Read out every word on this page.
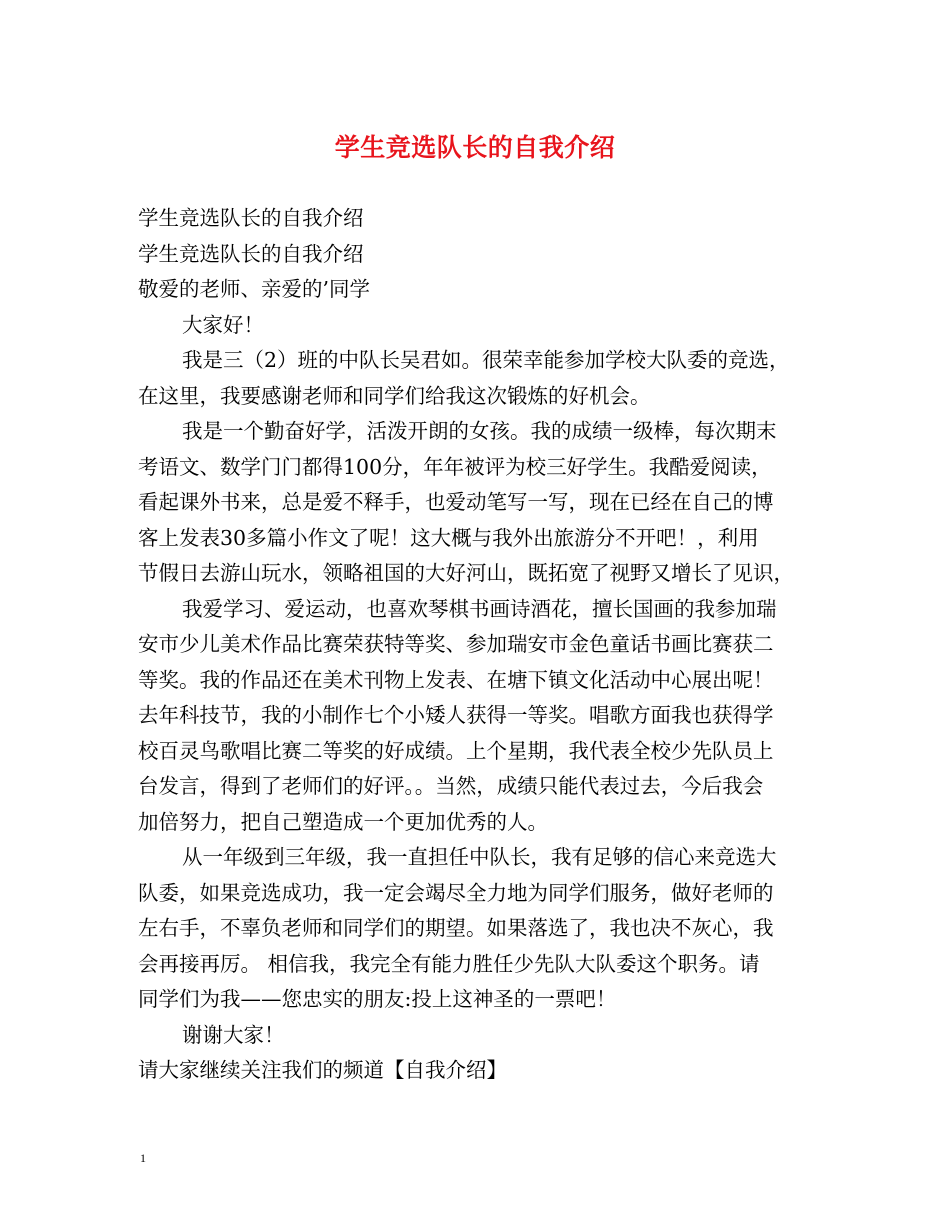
学生竞选队长的自我介绍
学生竞选队长的自我介绍
学生竞选队长的自我介绍
敬爱的老师、亲爱的’同学
大家好！
我是三（2）班的中队长吴君如。很荣幸能参加学校大队委的竞选，
在这里，我要感谢老师和同学们给我这次锻炼的好机会。
我是一个勤奋好学，活泼开朗的女孩。我的成绩一级棒，每次期末
考语文、数学门门都得100分，年年被评为校三好学生。我酷爱阅读，
看起课外书来，总是爱不释手，也爱动笔写一写，现在已经在自己的博
客上发表30多篇小作文了呢！这大概与我外出旅游分不开吧！，利用
节假日去游山玩水，领略祖国的大好河山，既拓宽了视野又增长了见识，
我爱学习、爱运动，也喜欢琴棋书画诗酒花，擅长国画的我参加瑞
安市少儿美术作品比赛荣获特等奖、参加瑞安市金色童话书画比赛获二
等奖。我的作品还在美术刊物上发表、在塘下镇文化活动中心展出呢！
去年科技节，我的小制作七个小矮人获得一等奖。唱歌方面我也获得学
校百灵鸟歌唱比赛二等奖的好成绩。上个星期，我代表全校少先队员上
台发言，得到了老师们的好评。。当然，成绩只能代表过去，今后我会
加倍努力，把自己塑造成一个更加优秀的人。
从一年级到三年级，我一直担任中队长，我有足够的信心来竞选大
队委，如果竞选成功，我一定会竭尽全力地为同学们服务，做好老师的
左右手，不辜负老师和同学们的期望。如果落选了，我也决不灰心，我
会再接再厉。 相信我，我完全有能力胜任少先队大队委这个职务。请
同学们为我——您忠实的朋友:投上这神圣的一票吧！
谢谢大家！
请大家继续关注我们的频道【自我介绍】
1
